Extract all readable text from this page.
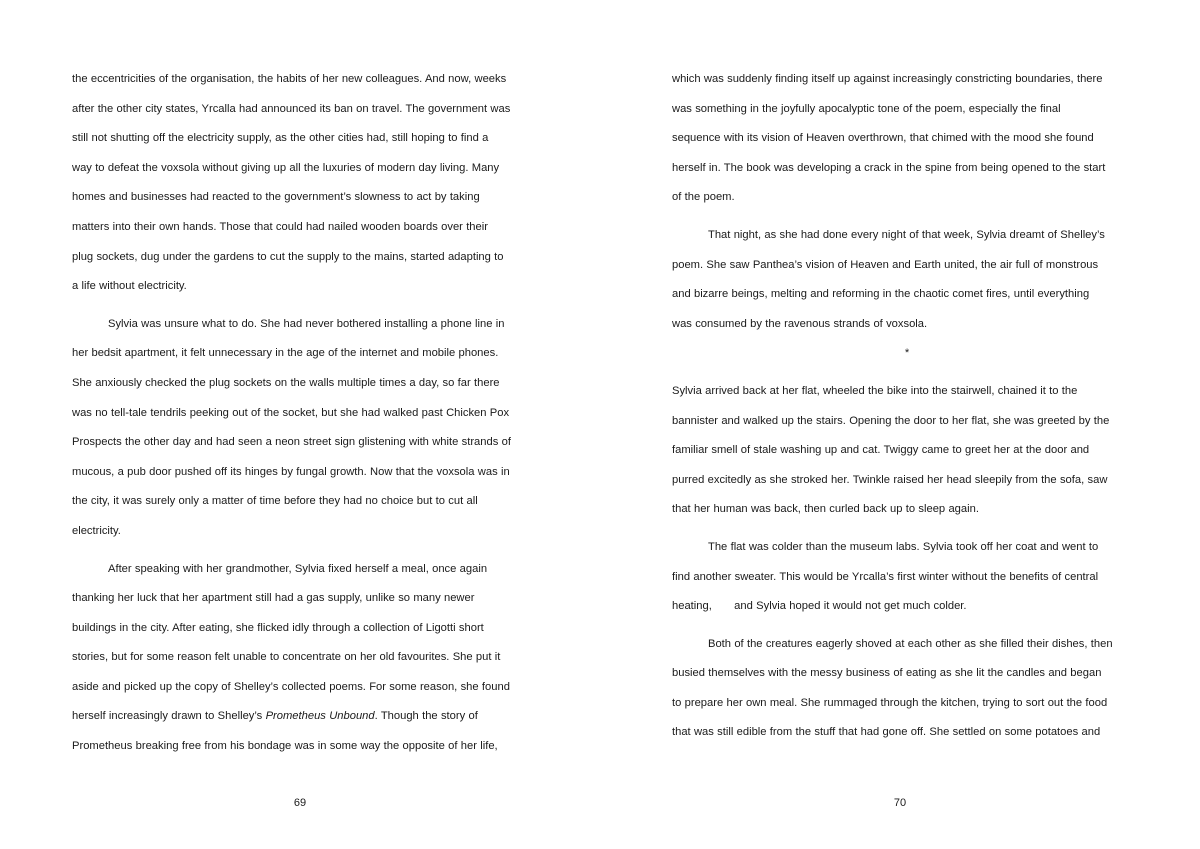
the eccentricities of the organisation, the habits of her new colleagues. And now, weeks
after the other city states, Yrcalla had announced its ban on travel. The government was
still not shutting off the electricity supply, as the other cities had, still hoping to find a
way to defeat the voxsola without giving up all the luxuries of modern day living. Many
homes and businesses had reacted to the government’s slowness to act by taking
matters into their own hands. Those that could had nailed wooden boards over their
plug sockets, dug under the gardens to cut the supply to the mains, started adapting to
a life without electricity.
Sylvia was unsure what to do. She had never bothered installing a phone line in
her bedsit apartment, it felt unnecessary in the age of the internet and mobile phones.
She anxiously checked the plug sockets on the walls multiple times a day, so far there
was no tell-tale tendrils peeking out of the socket, but she had walked past Chicken Pox
Prospects the other day and had seen a neon street sign glistening with white strands of
mucous, a pub door pushed off its hinges by fungal growth. Now that the voxsola was in
the city, it was surely only a matter of time before they had no choice but to cut all
electricity.
After speaking with her grandmother, Sylvia fixed herself a meal, once again
thanking her luck that her apartment still had a gas supply, unlike so many newer
buildings in the city. After eating, she flicked idly through a collection of Ligotti short
stories, but for some reason felt unable to concentrate on her old favourites. She put it
aside and picked up the copy of Shelley’s collected poems. For some reason, she found
herself increasingly drawn to Shelley’s Prometheus Unbound. Though the story of
Prometheus breaking free from his bondage was in some way the opposite of her life,
69
which was suddenly finding itself up against increasingly constricting boundaries, there
was something in the joyfully apocalyptic tone of the poem, especially the final
sequence with its vision of Heaven overthrown, that chimed with the mood she found
herself in. The book was developing a crack in the spine from being opened to the start
of the poem.
That night, as she had done every night of that week, Sylvia dreamt of Shelley’s
poem. She saw Panthea’s vision of Heaven and Earth united, the air full of monstrous
and bizarre beings, melting and reforming in the chaotic comet fires, until everything
was consumed by the ravenous strands of voxsola.
*
Sylvia arrived back at her flat, wheeled the bike into the stairwell, chained it to the
bannister and walked up the stairs. Opening the door to her flat, she was greeted by the
familiar smell of stale washing up and cat. Twiggy came to greet her at the door and
purred excitedly as she stroked her. Twinkle raised her head sleepily from the sofa, saw
that her human was back, then curled back up to sleep again.
The flat was colder than the museum labs. Sylvia took off her coat and went to
find another sweater. This would be Yrcalla’s first winter without the benefits of central
heating,  and Sylvia hoped it would not get much colder.
Both of the creatures eagerly shoved at each other as she filled their dishes, then
busied themselves with the messy business of eating as she lit the candles and began
to prepare her own meal. She rummaged through the kitchen, trying to sort out the food
that was still edible from the stuff that had gone off. She settled on some potatoes and
70
